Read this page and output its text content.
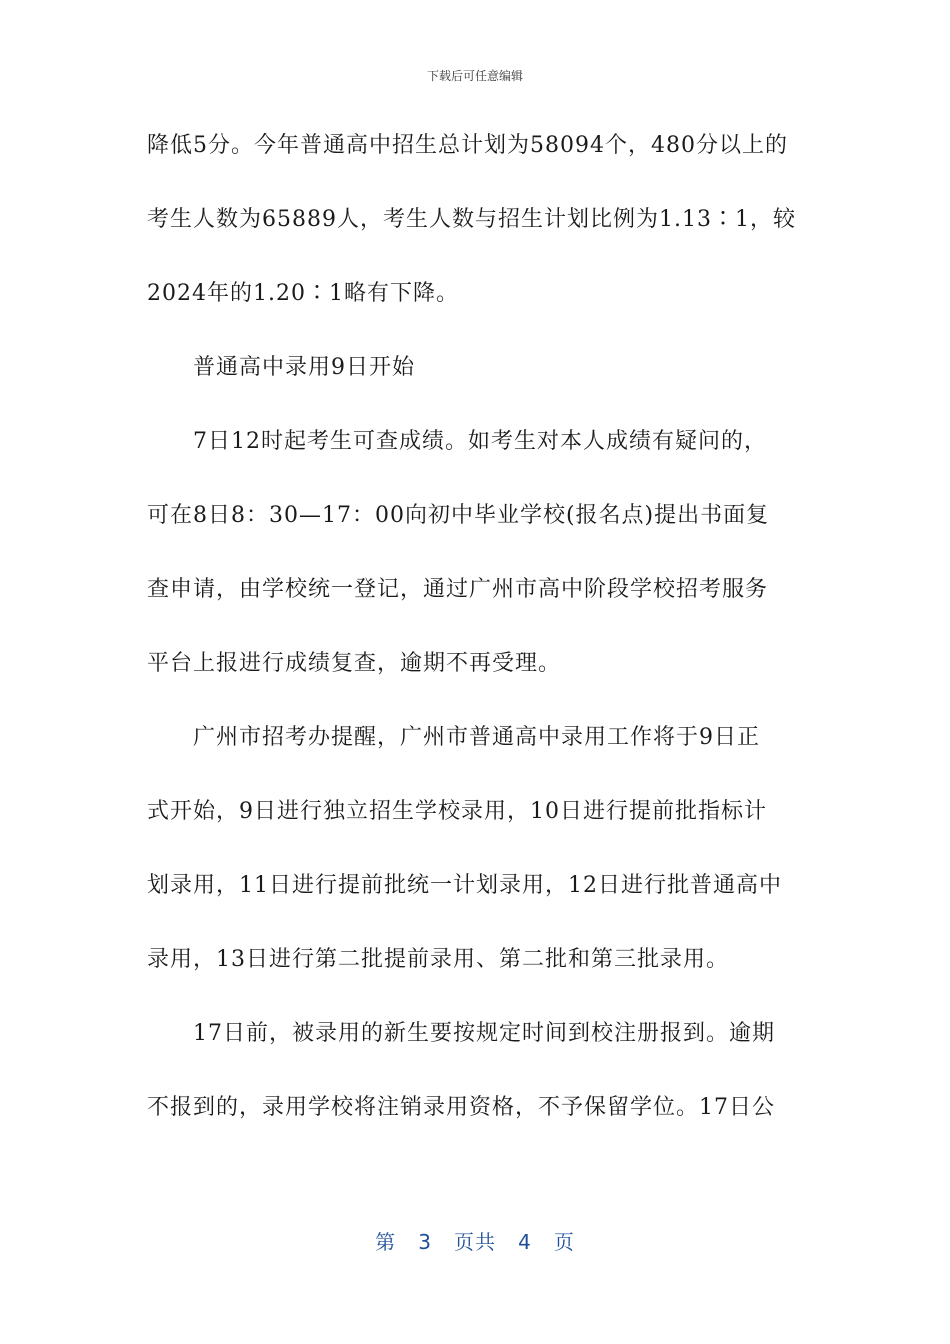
下载后可任意编辑
降低5分。今年普通高中招生总计划为58094个，480分以上的
考生人数为65889人，考生人数与招生计划比例为1.13∶1，较
2024年的1.20∶1略有下降。
普通高中录用9日开始
7日12时起考生可查成绩。如考生对本人成绩有疑问的，
可在8日8：30—17：00向初中毕业学校(报名点)提出书面复
查申请，由学校统一登记，通过广州市高中阶段学校招考服务
平台上报进行成绩复查，逾期不再受理。
广州市招考办提醒，广州市普通高中录用工作将于9日正
式开始，9日进行独立招生学校录用，10日进行提前批指标计
划录用，11日进行提前批统一计划录用，12日进行批普通高中
录用，13日进行第二批提前录用、第二批和第三批录用。
17日前，被录用的新生要按规定时间到校注册报到。逾期
不报到的，录用学校将注销录用资格，不予保留学位。17日公
第 3 页共 4 页
